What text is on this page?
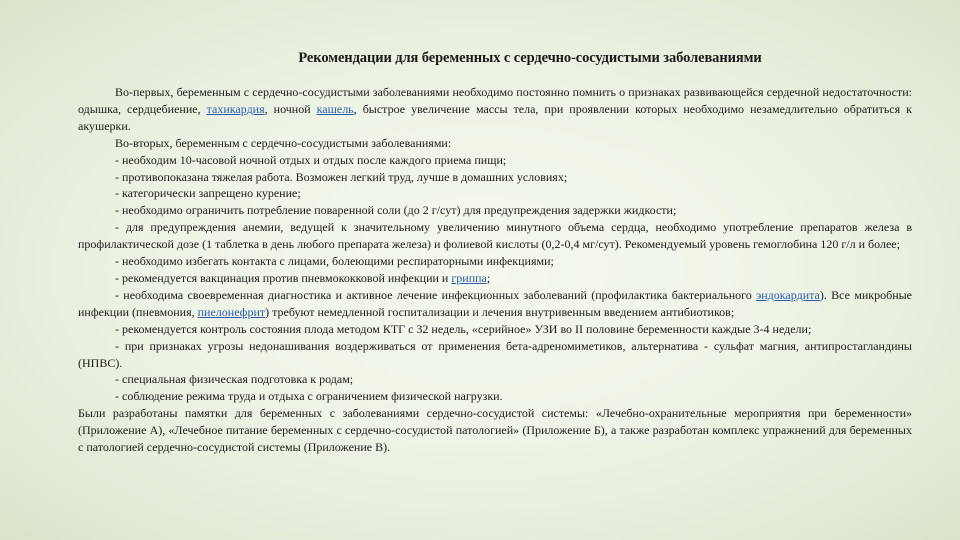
Рекомендации для беременных с сердечно-сосудистыми заболеваниями

Во-первых, беременным с сердечно-сосудистыми заболеваниями необходимо постоянно помнить о признаках развивающейся сердечной недостаточности: одышка, сердцебиение, тахикардия, ночной кашель, быстрое увеличение массы тела, при проявлении которых необходимо незамедлительно обратиться к акушерки.

Во-вторых, беременным с сердечно-сосудистыми заболеваниями:

- необходим 10-часовой ночной отдых и отдых после каждого приема пищи;

- противопоказана тяжелая работа. Возможен легкий труд, лучше в домашних условиях;

- категорически запрещено курение;

- необходимо ограничить потребление поваренной соли (до 2 г/сут) для предупреждения задержки жидкости;

- для предупреждения анемии, ведущей к значительному увеличению минутного объема сердца, необходимо употребление препаратов железа в профилактической дозе (1 таблетка в день любого препарата железа) и фолиевой кислоты (0,2-0,4 мг/сут). Рекомендуемый уровень гемоглобина 120 г/л и более;

- необходимо избегать контакта с лицами, болеющими респираторными инфекциями;

- рекомендуется вакцинация против пневмококковой инфекции и гриппа;

- необходима своевременная диагностика и активное лечение инфекционных заболеваний (профилактика бактериального эндокардита). Все микробные инфекции (пневмония, пиелонефрит) требуют немедленной госпитализации и лечения внутривенным введением антибиотиков;

- рекомендуется контроль состояния плода методом КТГ с 32 недель, «серийное» УЗИ во II половине беременности каждые 3-4 недели;

- при признаках угрозы недонашивания воздерживаться от применения бета-адреномиметиков, альтернатива - сульфат магния, антипростагландины (НПВС).

- специальная физическая подготовка к родам;

- соблюдение режима труда и отдыха с ограничением физической нагрузки.

Были разработаны памятки для беременных с заболеваниями сердечно-сосудистой системы: «Лечебно-охранительные мероприятия при беременности» (Приложение А), «Лечебное питание беременных с сердечно-сосудистой патологией» (Приложение Б), а также разработан комплекс упражнений для беременных с патологией сердечно-сосудистой системы (Приложение В).
